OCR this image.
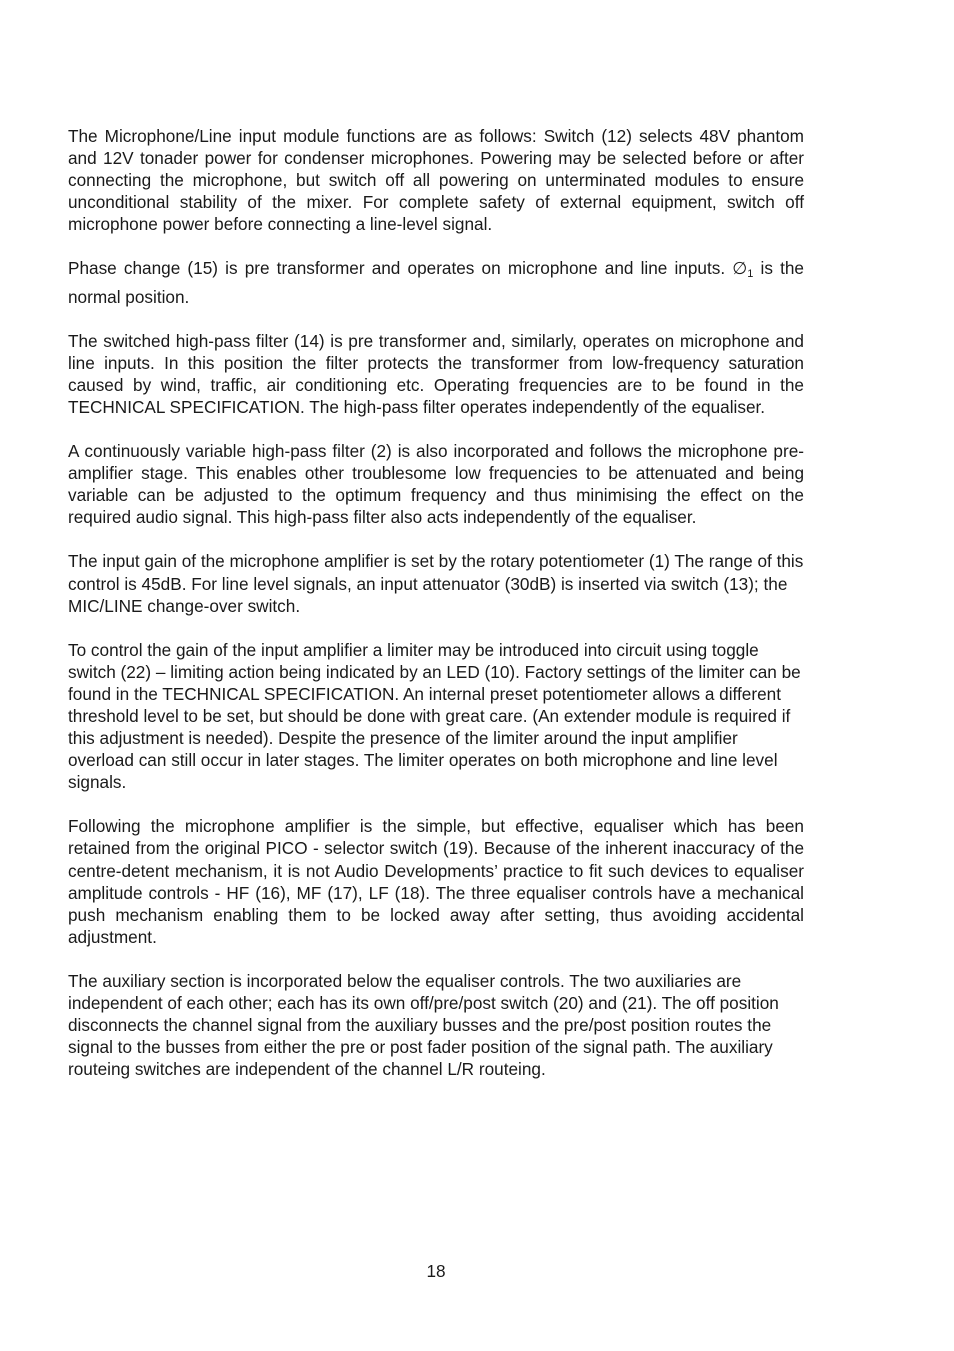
The Microphone/Line input module functions are as follows: Switch (12) selects 48V phantom and 12V tonader power for condenser microphones. Powering may be selected before or after connecting the microphone, but switch off all powering on unterminated modules to ensure unconditional stability of the mixer. For complete safety of external equipment, switch off microphone power before connecting a line-level signal.

Phase change (15) is pre transformer and operates on microphone and line inputs. $\emptyset_1$ is the normal position.

The switched high-pass filter (14) is pre transformer and, similarly, operates on microphone and line inputs. In this position the filter protects the transformer from low-frequency saturation caused by wind, traffic, air conditioning etc. Operating frequencies are to be found in the TECHNICAL SPECIFICATION. The high-pass filter operates independently of the equaliser.

A continuously variable high-pass filter (2) is also incorporated and follows the microphone pre-amplifier stage. This enables other troublesome low frequencies to be attenuated and being variable can be adjusted to the optimum frequency and thus minimising the effect on the required audio signal. This high-pass filter also acts independently of the equaliser.

The input gain of the microphone amplifier is set by the rotary potentiometer (1) The range of this control is 45dB. For line level signals, an input attenuator (30dB) is inserted via switch (13); the MIC/LINE change-over switch.

To control the gain of the input amplifier a limiter may be introduced into circuit using toggle switch (22) – limiting action being indicated by an LED (10). Factory settings of the limiter can be found in the TECHNICAL SPECIFICATION. An internal preset potentiometer allows a different threshold level to be set, but should be done with great care. (An extender module is required if this adjustment is needed). Despite the presence of the limiter around the input amplifier overload can still occur in later stages. The limiter operates on both microphone and line level signals.

Following the microphone amplifier is the simple, but effective, equaliser which has been retained from the original PICO - selector switch (19). Because of the inherent inaccuracy of the centre-detent mechanism, it is not Audio Developments’ practice to fit such devices to equaliser amplitude controls - HF (16), MF (17), LF (18). The three equaliser controls have a mechanical push mechanism enabling them to be locked away after setting, thus avoiding accidental adjustment.

The auxiliary section is incorporated below the equaliser controls. The two auxiliaries are independent of each other; each has its own off/pre/post switch (20) and (21). The off position disconnects the channel signal from the auxiliary busses and the pre/post position routes the signal to the busses from either the pre or post fader position of the signal path. The auxiliary routeing switches are independent of the channel L/R routeing.

18
